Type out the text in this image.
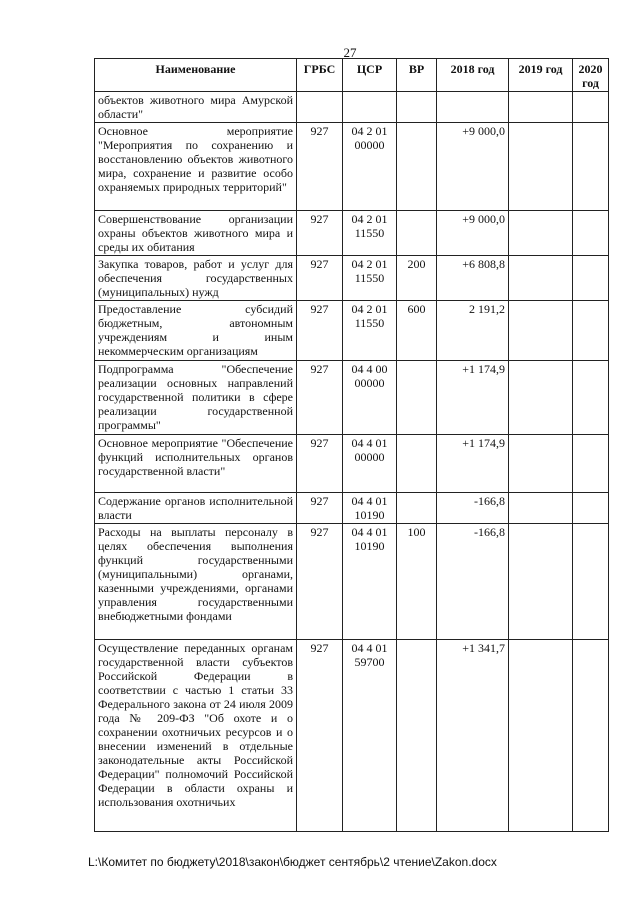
27
Наименование	ГРБС	ЦСР	ВР	2018 год	2019 год	2020 год
объектов животного мира Амурской области"						
Основное мероприятие "Мероприятия по сохранению и восстановлению объектов животного мира, сохранение и развитие особо охраняемых природных территорий"	927	04 2 01 00000		+9 000,0		
Совершенствование организации охраны объектов животного мира и среды их обитания	927	04 2 01 11550		+9 000,0		
Закупка товаров, работ и услуг для обеспечения государственных (муниципальных) нужд	927	04 2 01 11550	200	+6 808,8		
Предоставление субсидий бюджетным, автономным учреждениям и иным некоммерческим организациям	927	04 2 01 11550	600	2 191,2		
Подпрограмма "Обеспечение реализации основных направлений государственной политики в сфере реализации государственной программы"	927	04 4 00 00000		+1 174,9		
Основное мероприятие "Обеспечение функций исполнительных органов государственной власти"	927	04 4 01 00000		+1 174,9		
Содержание органов исполнительной власти	927	04 4 01 10190		-166,8		
Расходы на выплаты персоналу в целях обеспечения выполнения функций государственными (муниципальными) органами, казенными учреждениями, органами управления государственными внебюджетными фондами	927	04 4 01 10190	100	-166,8		
Осуществление переданных органам государственной власти субъектов Российской Федерации в соответствии с частью 1 статьи 33 Федерального закона от 24 июля 2009 года № 209-ФЗ "Об охоте и о сохранении охотничьих ресурсов и о внесении изменений в отдельные законодательные акты Российской Федерации" полномочий Российской Федерации в области охраны и использования охотничьих	927	04 4 01 59700		+1 341,7		
L:\Комитет по бюджету\2018\закон\бюджет сентябрь\2 чтение\Zakon.docx
